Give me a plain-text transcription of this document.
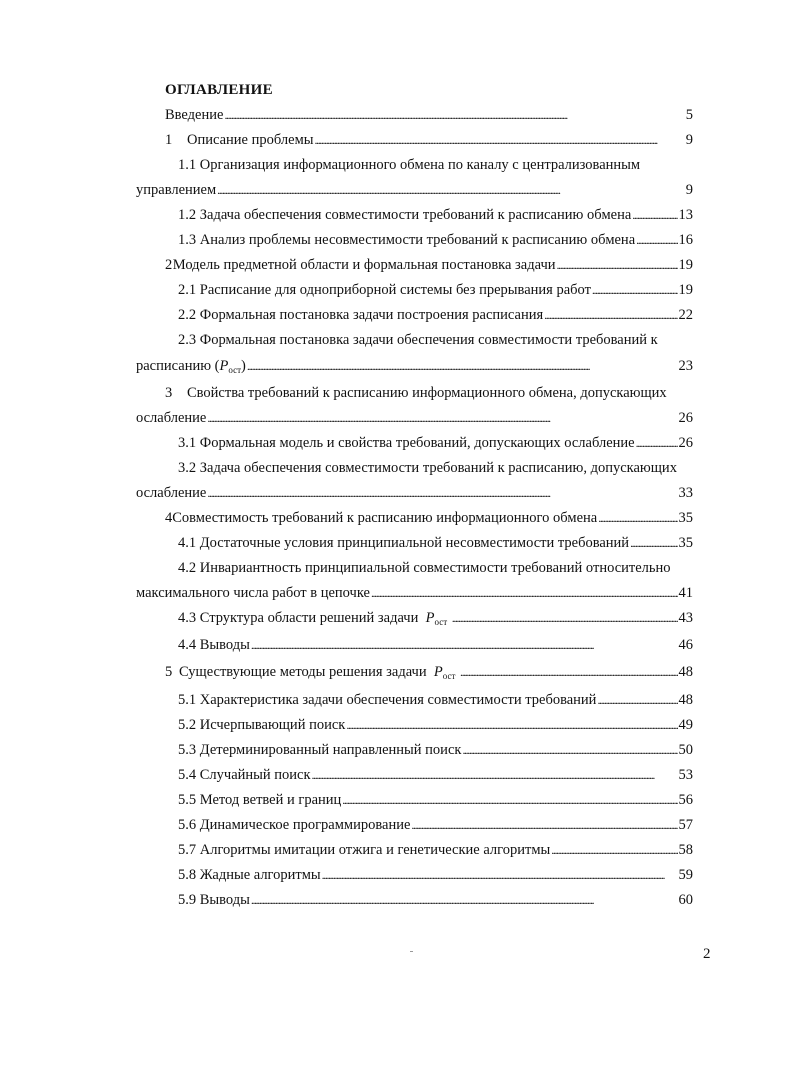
ОГЛАВЛЕНИЕ
Введение . . .	5
1	Описание проблемы . . .	9
1.1 Организация информационного обмена по каналу с централизованным
управлением . . .	9
1.2 Задача обеспечения совместимости требований к расписанию обмена . . .	13
1.3 Анализ проблемы несовместимости требований к расписанию обмена . . .	16
2 Модель предметной области и формальная постановка задачи . . .	19
2.1 Расписание для одноприборной системы без прерывания работ . . .	19
2.2 Формальная постановка задачи построения расписания . . .	22
2.3 Формальная постановка задачи обеспечения совместимости требований к
расписанию $(P_{ост})$ . . .	23
3 Свойства требований к расписанию информационного обмена, допускающих
ослабление . . .	26
3.1 Формальная модель и свойства требований, допускающих ослабление . . .	26
3.2 Задача обеспечения совместимости требований к расписанию, допускающих
ослабление . . .	33
4 Совместимость требований к расписанию информационного обмена . . .	35
4.1 Достаточные условия принципиальной несовместимости требований . . .	35
4.2 Инвариантность принципиальной совместимости требований относительно
максимального числа работ в цепочке . . .	41
4.3 Структура области решений задачи $P_{ост}$ . . .	43
4.4 Выводы . . .	46
5 Существующие методы решения задачи $P_{ост}$ . . .	48
5.1 Характеристика задачи обеспечения совместимости требований . . .	48
5.2 Исчерпывающий поиск . . .	49
5.3 Детерминированный направленный поиск . . .	50
5.4 Случайный поиск . . .	53
5.5 Метод ветвей и границ . . .	56
5.6 Динамическое программирование . . .	57
5.7 Алгоритмы имитации отжига и генетические алгоритмы . . .	58
5.8 Жадные алгоритмы . . .	59
5.9 Выводы . . .	60
2
